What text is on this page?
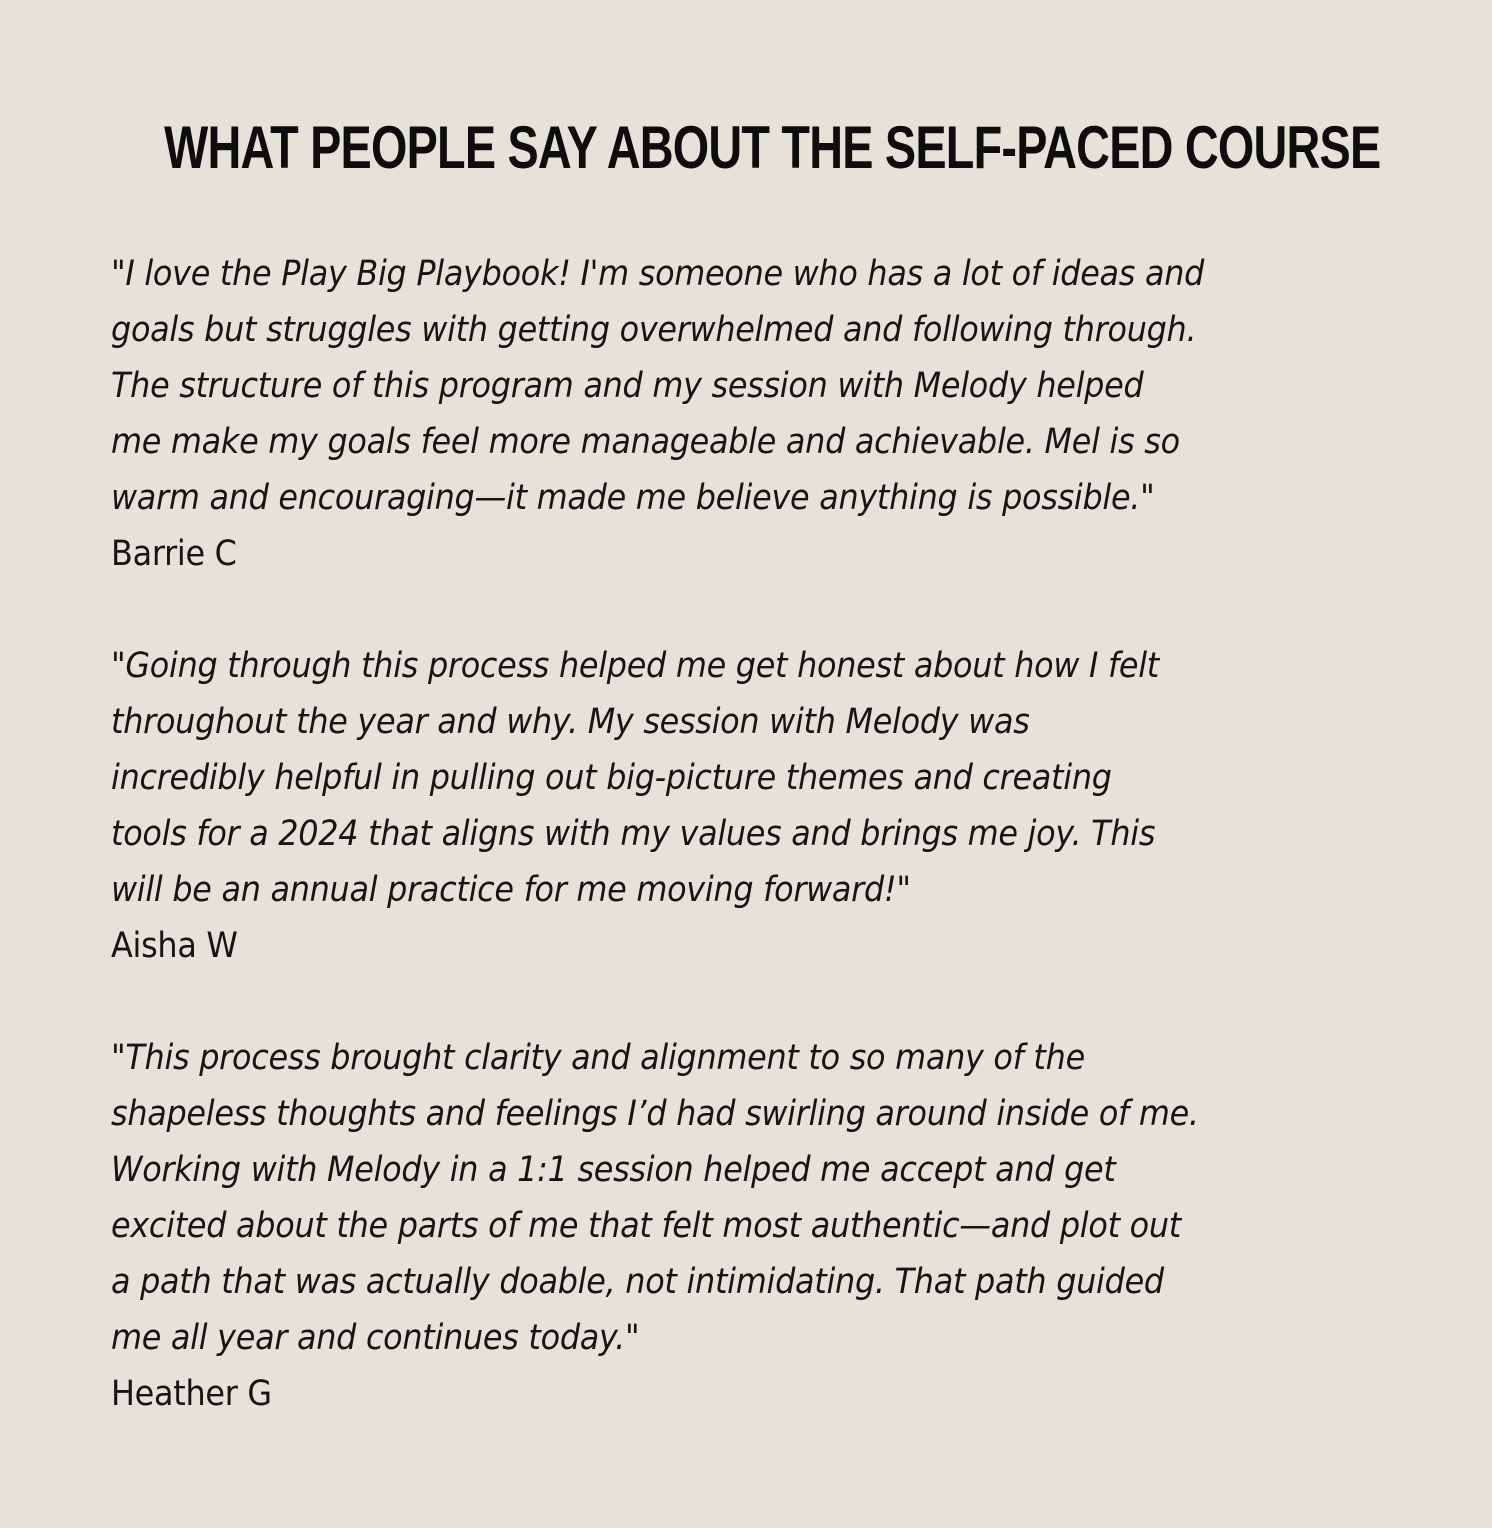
WHAT PEOPLE SAY ABOUT THE SELF-PACED COURSE
"I love the Play Big Playbook! I'm someone who has a lot of ideas and
goals but struggles with getting overwhelmed and following through.
The structure of this program and my session with Melody helped
me make my goals feel more manageable and achievable. Mel is so
warm and encouraging—it made me believe anything is possible."
Barrie C
"Going through this process helped me get honest about how I felt
throughout the year and why. My session with Melody was
incredibly helpful in pulling out big-picture themes and creating
tools for a 2024 that aligns with my values and brings me joy. This
will be an annual practice for me moving forward!"
Aisha W
"This process brought clarity and alignment to so many of the
shapeless thoughts and feelings I’d had swirling around inside of me.
Working with Melody in a 1:1 session helped me accept and get
excited about the parts of me that felt most authentic—and plot out
a path that was actually doable, not intimidating. That path guided
me all year and continues today."
Heather G
